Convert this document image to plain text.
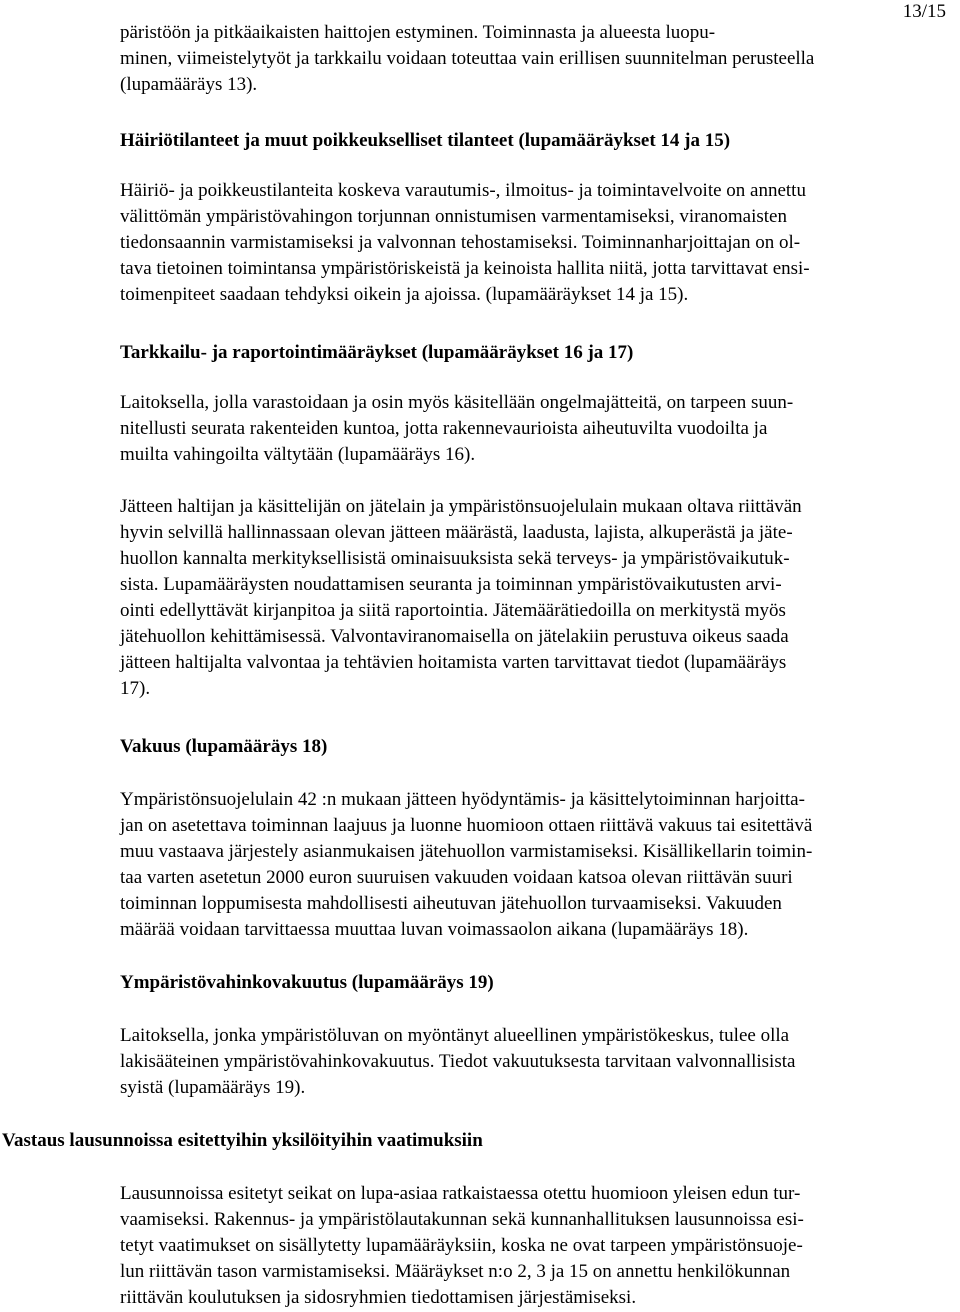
13/15
päristöön ja pitkäaikaisten haittojen estyminen. Toiminnasta ja alueesta luopu-
minen, viimeistelytyöt ja tarkkailu voidaan toteuttaa vain erillisen suunnitelman perusteella
(lupamääräys 13).
Häiriötilanteet ja muut poikkeukselliset tilanteet (lupamääräykset 14 ja 15)
Häiriö- ja poikkeustilanteita koskeva varautumis-, ilmoitus- ja toimintavelvoite on annettu
välittömän ympäristövahingon torjunnan onnistumisen varmentamiseksi, viranomaisten
tiedonsaannin varmistamiseksi ja valvonnan tehostamiseksi. Toiminnanharjoittajan on ol-
tava tietoinen toimintansa ympäristöriskeistä ja keinoista hallita niitä, jotta tarvittavat ensi-
toimenpiteet saadaan tehdyksi oikein ja ajoissa. (lupamääräykset 14 ja 15).
Tarkkailu- ja raportointimääräykset (lupamääräykset 16 ja 17)
Laitoksella, jolla varastoidaan ja osin myös käsitellään ongelmajätteitä, on tarpeen suun-
nitellusti seurata rakenteiden kuntoa, jotta rakennevaurioista aiheutuvilta vuodoilta ja
muilta vahingoilta vältytään (lupamääräys 16).
Jätteen haltijan ja käsittelijän on jätelain ja ympäristönsuojelulain mukaan oltava riittävän
hyvin selvillä hallinnassaan olevan jätteen määrästä, laadusta, lajista, alkuperästä ja jäte-
huollon kannalta merkityksellisistä ominaisuuksista sekä terveys- ja ympäristövaikutuk-
sista. Lupamääräysten noudattamisen seuranta ja toiminnan ympäristövaikutusten arvi-
ointi edellyttävät kirjanpitoa ja siitä raportointia. Jätemäärätiedoilla on merkitystä myös
jätehuollon kehittämisessä. Valvontaviranomaisella on jätelakiin perustuva oikeus saada
jätteen haltijalta valvontaa ja tehtävien hoitamista varten tarvittavat tiedot (lupamääräys
17).
Vakuus (lupamääräys 18)
Ympäristönsuojelulain 42 :n mukaan jätteen hyödyntämis- ja käsittelytoiminnan harjoitta-
jan on asetettava toiminnan laajuus ja luonne huomioon ottaen riittävä vakuus tai esitettävä
muu vastaava järjestely asianmukaisen jätehuollon varmistamiseksi. Kisällikellarin toimin-
taa varten asetetun 2000 euron suuruisen vakuuden voidaan katsoa olevan riittävän suuri
toiminnan loppumisesta mahdollisesti aiheutuvan jätehuollon turvaamiseksi. Vakuuden
määrää voidaan tarvittaessa muuttaa luvan voimassaolon aikana (lupamääräys 18).
Ympäristövahinkovakuutus (lupamääräys 19)
Laitoksella, jonka ympäristöluvan on myöntänyt alueellinen ympäristökeskus, tulee olla
lakisääteinen ympäristövahinkovakuutus. Tiedot vakuutuksesta tarvitaan valvonnallisista
syistä (lupamääräys 19).
Vastaus lausunnoissa esitettyihin yksilöityihin vaatimuksiin
Lausunnoissa esitetyt seikat on lupa-asiaa ratkaistaessa otettu huomioon yleisen edun tur-
vaamiseksi. Rakennus- ja ympäristölautakunnan sekä kunnanhallituksen lausunnoissa esi-
tetyt vaatimukset on sisällytetty lupamääräyksiin, koska ne ovat tarpeen ympäristönsuoje-
lun riittävän tason varmistamiseksi. Määräykset n:o 2, 3 ja 15 on annettu henkilökunnan
riittävän koulutuksen ja sidosryhmien tiedottamisen järjestämiseksi.
